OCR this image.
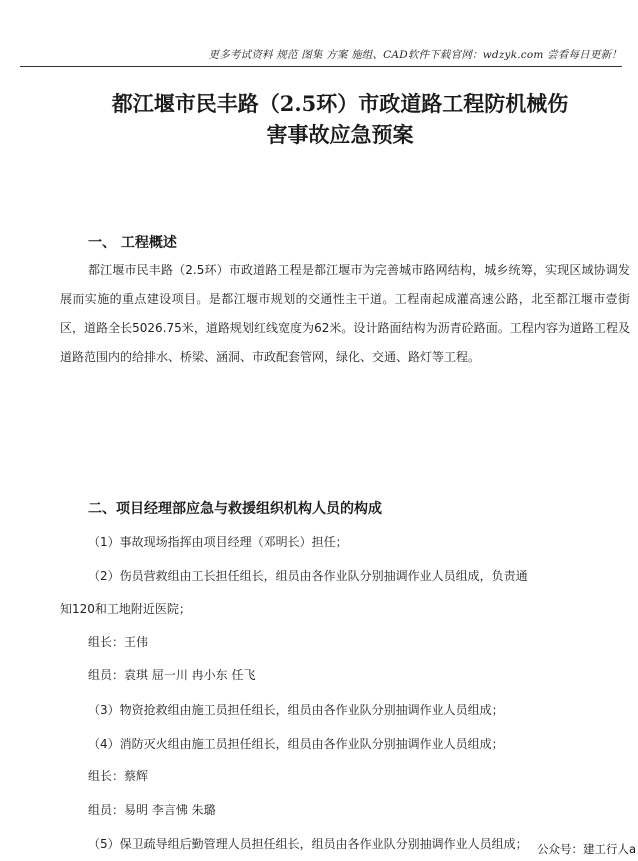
更多考试资料 规范 图集 方案 施组、CAD软件下载官网：wdzyk.com 尝看每日更新！
都江堰市民丰路（2.5环）市政道路工程防机械伤
害事故应急预案
一、 工程概述
都江堰市民丰路（2.5环）市政道路工程是都江堰市为完善城市路网结构，城乡统筹，实现区域协调发展而实施的重点建设项目。是都江堰市规划的交通性主干道。工程南起成灌高速公路，北至都江堰市壹街区，道路全长5026.75米，道路规划红线宽度为62米。设计路面结构为沥青砼路面。工程内容为道路工程及道路范围内的给排水、桥梁、涵洞、市政配套管网，绿化、交通、路灯等工程。
二、项目经理部应急与救援组织机构人员的构成
（1）事故现场指挥由项目经理（邓明长）担任；
（2）伤员营救组由工长担任组长，组员由各作业队分别抽调作业人员组成，负责通
知120和工地附近医院；
组长：王伟
组员：袁琪 屈一川 冉小东 任飞
（3）物资抢救组由施工员担任组长，组员由各作业队分别抽调作业人员组成；
（4）消防灭火组由施工员担任组长，组员由各作业队分别抽调作业人员组成；
组长：蔡辉
组员：易明 李言怫 朱璐
（5）保卫疏导组后勤管理人员担任组长，组员由各作业队分别抽调作业人员组成； 公众号：建工行人a
